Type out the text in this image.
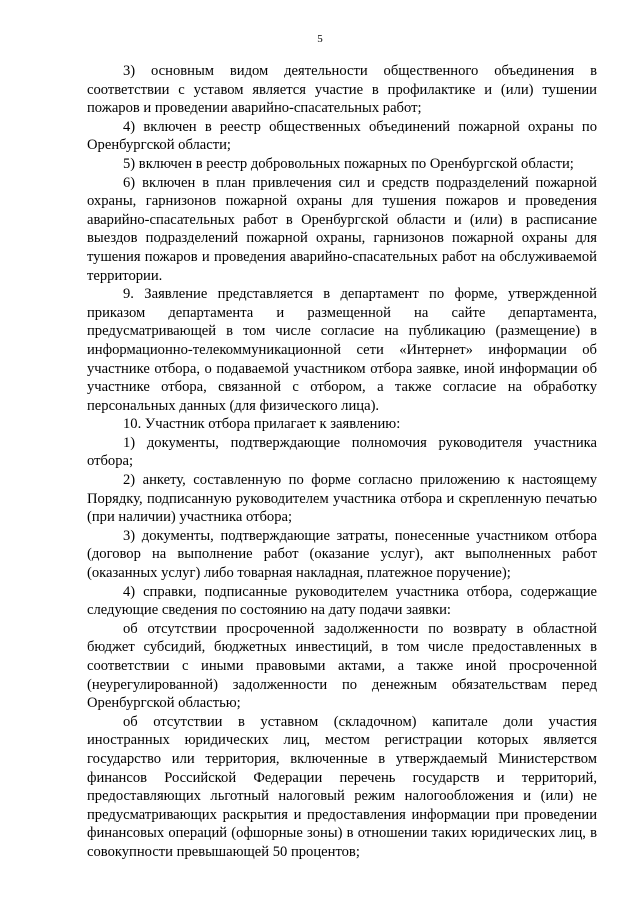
5

3) основным видом деятельности общественного объединения в соответствии с уставом является участие в профилактике и (или) тушении пожаров и проведении аварийно-спасательных работ;

4) включен в реестр общественных объединений пожарной охраны по Оренбургской области;

5) включен в реестр добровольных пожарных по Оренбургской области;

6) включен в план привлечения сил и средств подразделений пожарной охраны, гарнизонов пожарной охраны для тушения пожаров и проведения аварийно-спасательных работ в Оренбургской области и (или) в расписание выездов подразделений пожарной охраны, гарнизонов пожарной охраны для тушения пожаров и проведения аварийно-спасательных работ на обслуживаемой территории.

9. Заявление представляется в департамент по форме, утвержденной приказом департамента и размещенной на сайте департамента, предусматривающей в том числе согласие на публикацию (размещение) в информационно-телекоммуникационной сети «Интернет» информации об участнике отбора, о подаваемой участником отбора заявке, иной информации об участнике отбора, связанной с отбором, а также согласие на обработку персональных данных (для физического лица).

10. Участник отбора прилагает к заявлению:

1) документы, подтверждающие полномочия руководителя участника отбора;

2) анкету, составленную по форме согласно приложению к настоящему Порядку, подписанную руководителем участника отбора и скрепленную печатью (при наличии) участника отбора;

3) документы, подтверждающие затраты, понесенные участником отбора (договор на выполнение работ (оказание услуг), акт выполненных работ (оказанных услуг) либо товарная накладная, платежное поручение);

4) справки, подписанные руководителем участника отбора, содержащие следующие сведения по состоянию на дату подачи заявки:

об отсутствии просроченной задолженности по возврату в областной бюджет субсидий, бюджетных инвестиций, в том числе предоставленных в соответствии с иными правовыми актами, а также иной просроченной (неурегулированной) задолженности по денежным обязательствам перед Оренбургской областью;

об отсутствии в уставном (складочном) капитале доли участия иностранных юридических лиц, местом регистрации которых является государство или территория, включенные в утверждаемый Министерством финансов Российской Федерации перечень государств и территорий, предоставляющих льготный налоговый режим налогообложения и (или) не предусматривающих раскрытия и предоставления информации при проведении финансовых операций (офшорные зоны) в отношении таких юридических лиц, в совокупности превышающей 50 процентов;
